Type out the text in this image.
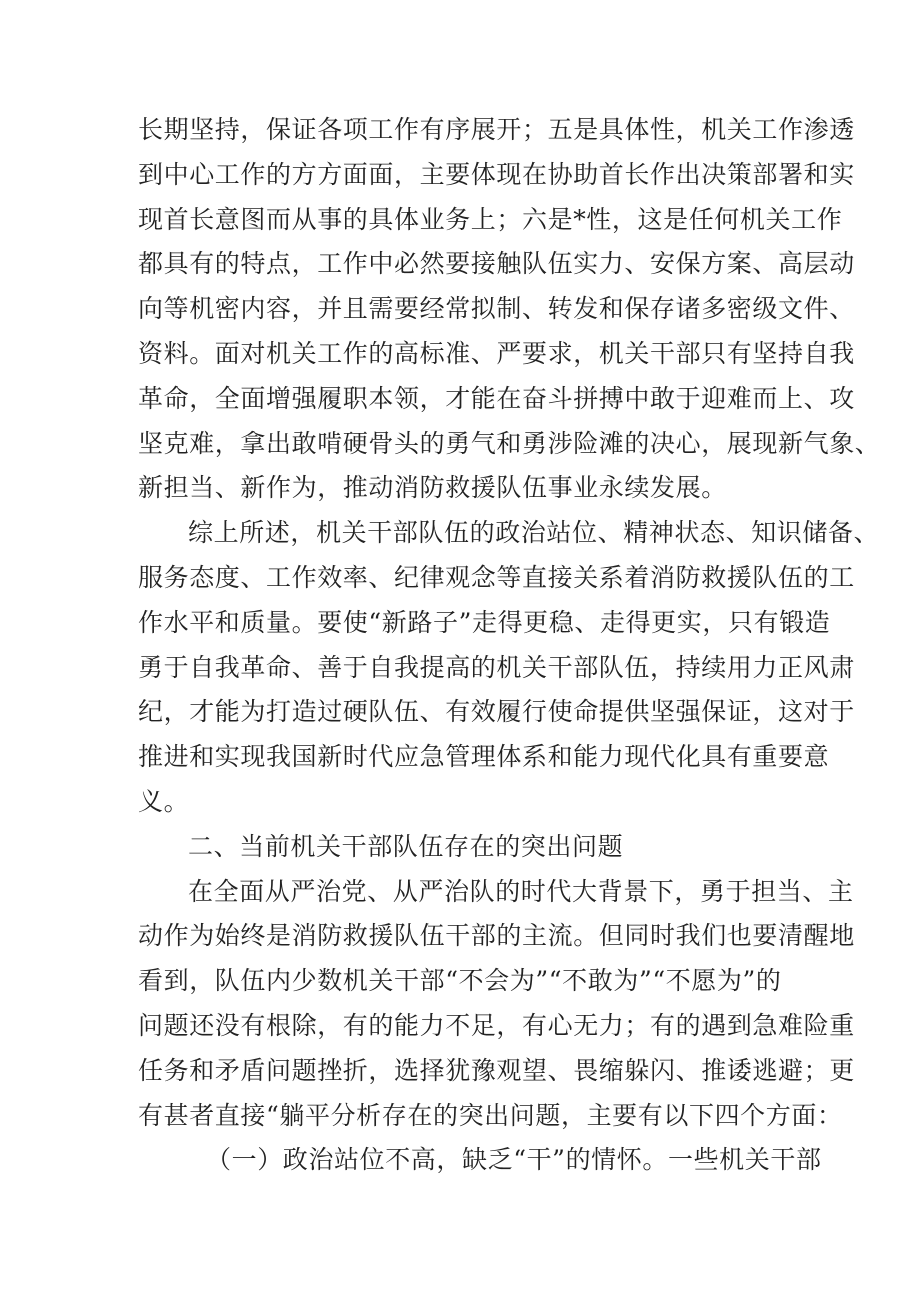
长期坚持，保证各项工作有序展开；五是具体性，机关工作渗透
到中心工作的方方面面，主要体现在协助首长作出决策部署和实
现首长意图而从事的具体业务上；六是*性，这是任何机关工作
都具有的特点，工作中必然要接触队伍实力、安保方案、高层动
向等机密内容，并且需要经常拟制、转发和保存诸多密级文件、
资料。面对机关工作的高标准、严要求，机关干部只有坚持自我
革命，全面增强履职本领，才能在奋斗拼搏中敢于迎难而上、攻
坚克难，拿出敢啃硬骨头的勇气和勇涉险滩的决心，展现新气象、
新担当、新作为，推动消防救援队伍事业永续发展。
综上所述，机关干部队伍的政治站位、精神状态、知识储备、
服务态度、工作效率、纪律观念等直接关系着消防救援队伍的工
作水平和质量。要使“新路子”走得更稳、走得更实，只有锻造
勇于自我革命、善于自我提高的机关干部队伍，持续用力正风肃
纪，才能为打造过硬队伍、有效履行使命提供坚强保证，这对于
推进和实现我国新时代应急管理体系和能力现代化具有重要意
义。
二、当前机关干部队伍存在的突出问题
在全面从严治党、从严治队的时代大背景下，勇于担当、主
动作为始终是消防救援队伍干部的主流。但同时我们也要清醒地
看到，队伍内少数机关干部“不会为”“不敢为”“不愿为”的
问题还没有根除，有的能力不足，有心无力；有的遇到急难险重
任务和矛盾问题挫折，选择犹豫观望、畏缩躲闪、推诿逃避；更
有甚者直接“躺平分析存在的突出问题，主要有以下四个方面：
（一）政治站位不高，缺乏“干”的情怀。一些机关干部
